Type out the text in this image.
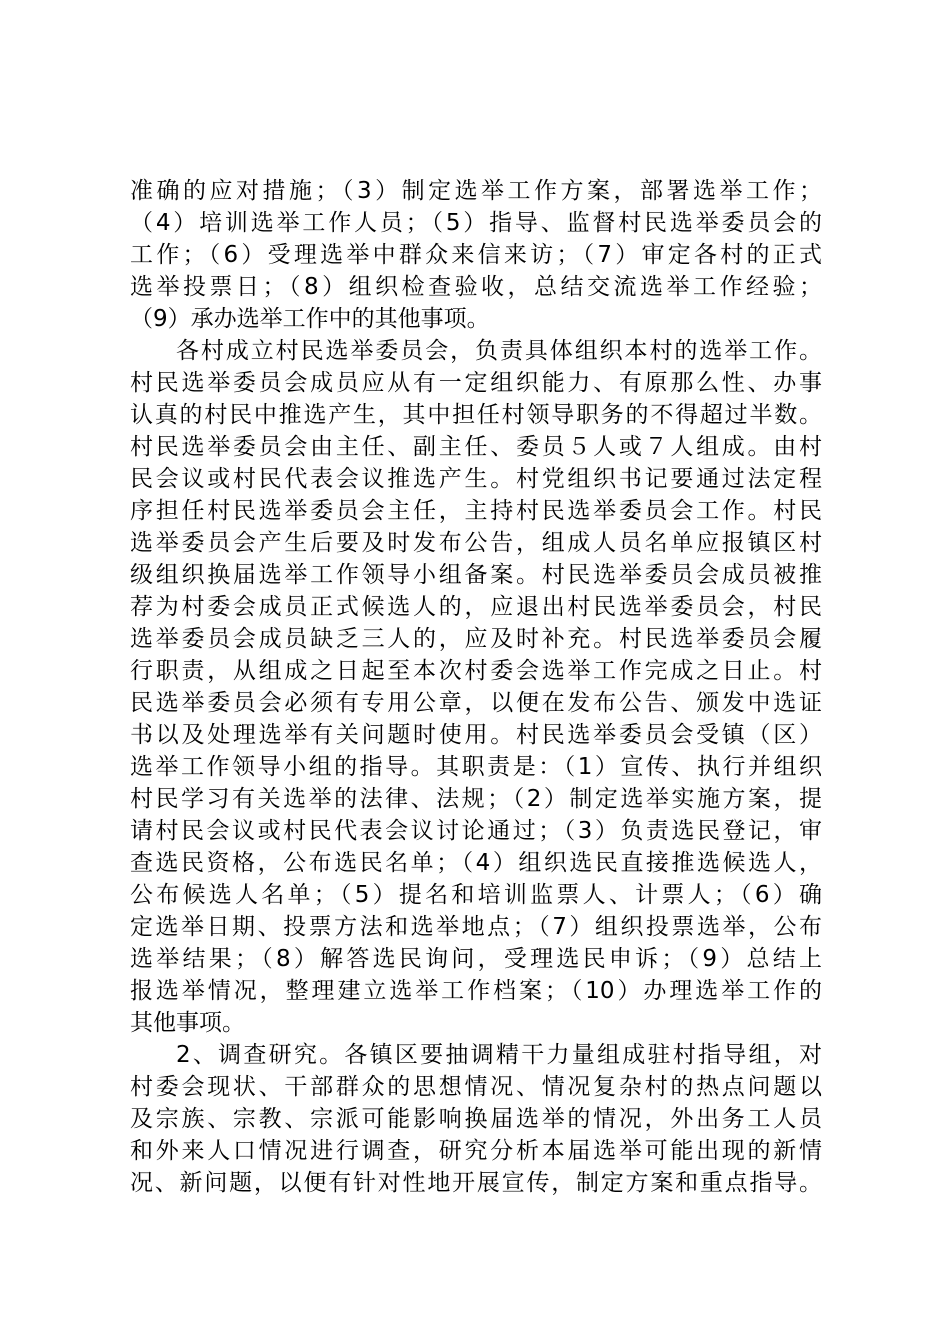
准确的应对措施；（3）制定选举工作方案，部署选举工作；
（4）培训选举工作人员；（5）指导、监督村民选举委员会的
工作；（6）受理选举中群众来信来访；（7）审定各村的正式
选举投票日；（8）组织检查验收，总结交流选举工作经验；
（9）承办选举工作中的其他事项。
各村成立村民选举委员会，负责具体组织本村的选举工作。
村民选举委员会成员应从有一定组织能力、有原那么性、办事
认真的村民中推选产生，其中担任村领导职务的不得超过半数。
村民选举委员会由主任、副主任、委员５人或７人组成。由村
民会议或村民代表会议推选产生。村党组织书记要通过法定程
序担任村民选举委员会主任，主持村民选举委员会工作。村民
选举委员会产生后要及时发布公告，组成人员名单应报镇区村
级组织换届选举工作领导小组备案。村民选举委员会成员被推
荐为村委会成员正式候选人的，应退出村民选举委员会，村民
选举委员会成员缺乏三人的，应及时补充。村民选举委员会履
行职责，从组成之日起至本次村委会选举工作完成之日止。村
民选举委员会必须有专用公章，以便在发布公告、颁发中选证
书以及处理选举有关问题时使用。村民选举委员会受镇（区）
选举工作领导小组的指导。其职责是：（1）宣传、执行并组织
村民学习有关选举的法律、法规；（2）制定选举实施方案，提
请村民会议或村民代表会议讨论通过；（3）负责选民登记，审
查选民资格，公布选民名单；（4）组织选民直接推选候选人，
公布候选人名单；（5）提名和培训监票人、计票人；（6）确
定选举日期、投票方法和选举地点；（7）组织投票选举，公布
选举结果；（8）解答选民询问，受理选民申诉；（9）总结上
报选举情况，整理建立选举工作档案；（10）办理选举工作的
其他事项。
2、调查研究。各镇区要抽调精干力量组成驻村指导组，对
村委会现状、干部群众的思想情况、情况复杂村的热点问题以
及宗族、宗教、宗派可能影响换届选举的情况，外出务工人员
和外来人口情况进行调查，研究分析本届选举可能出现的新情
况、新问题，以便有针对性地开展宣传，制定方案和重点指导。
